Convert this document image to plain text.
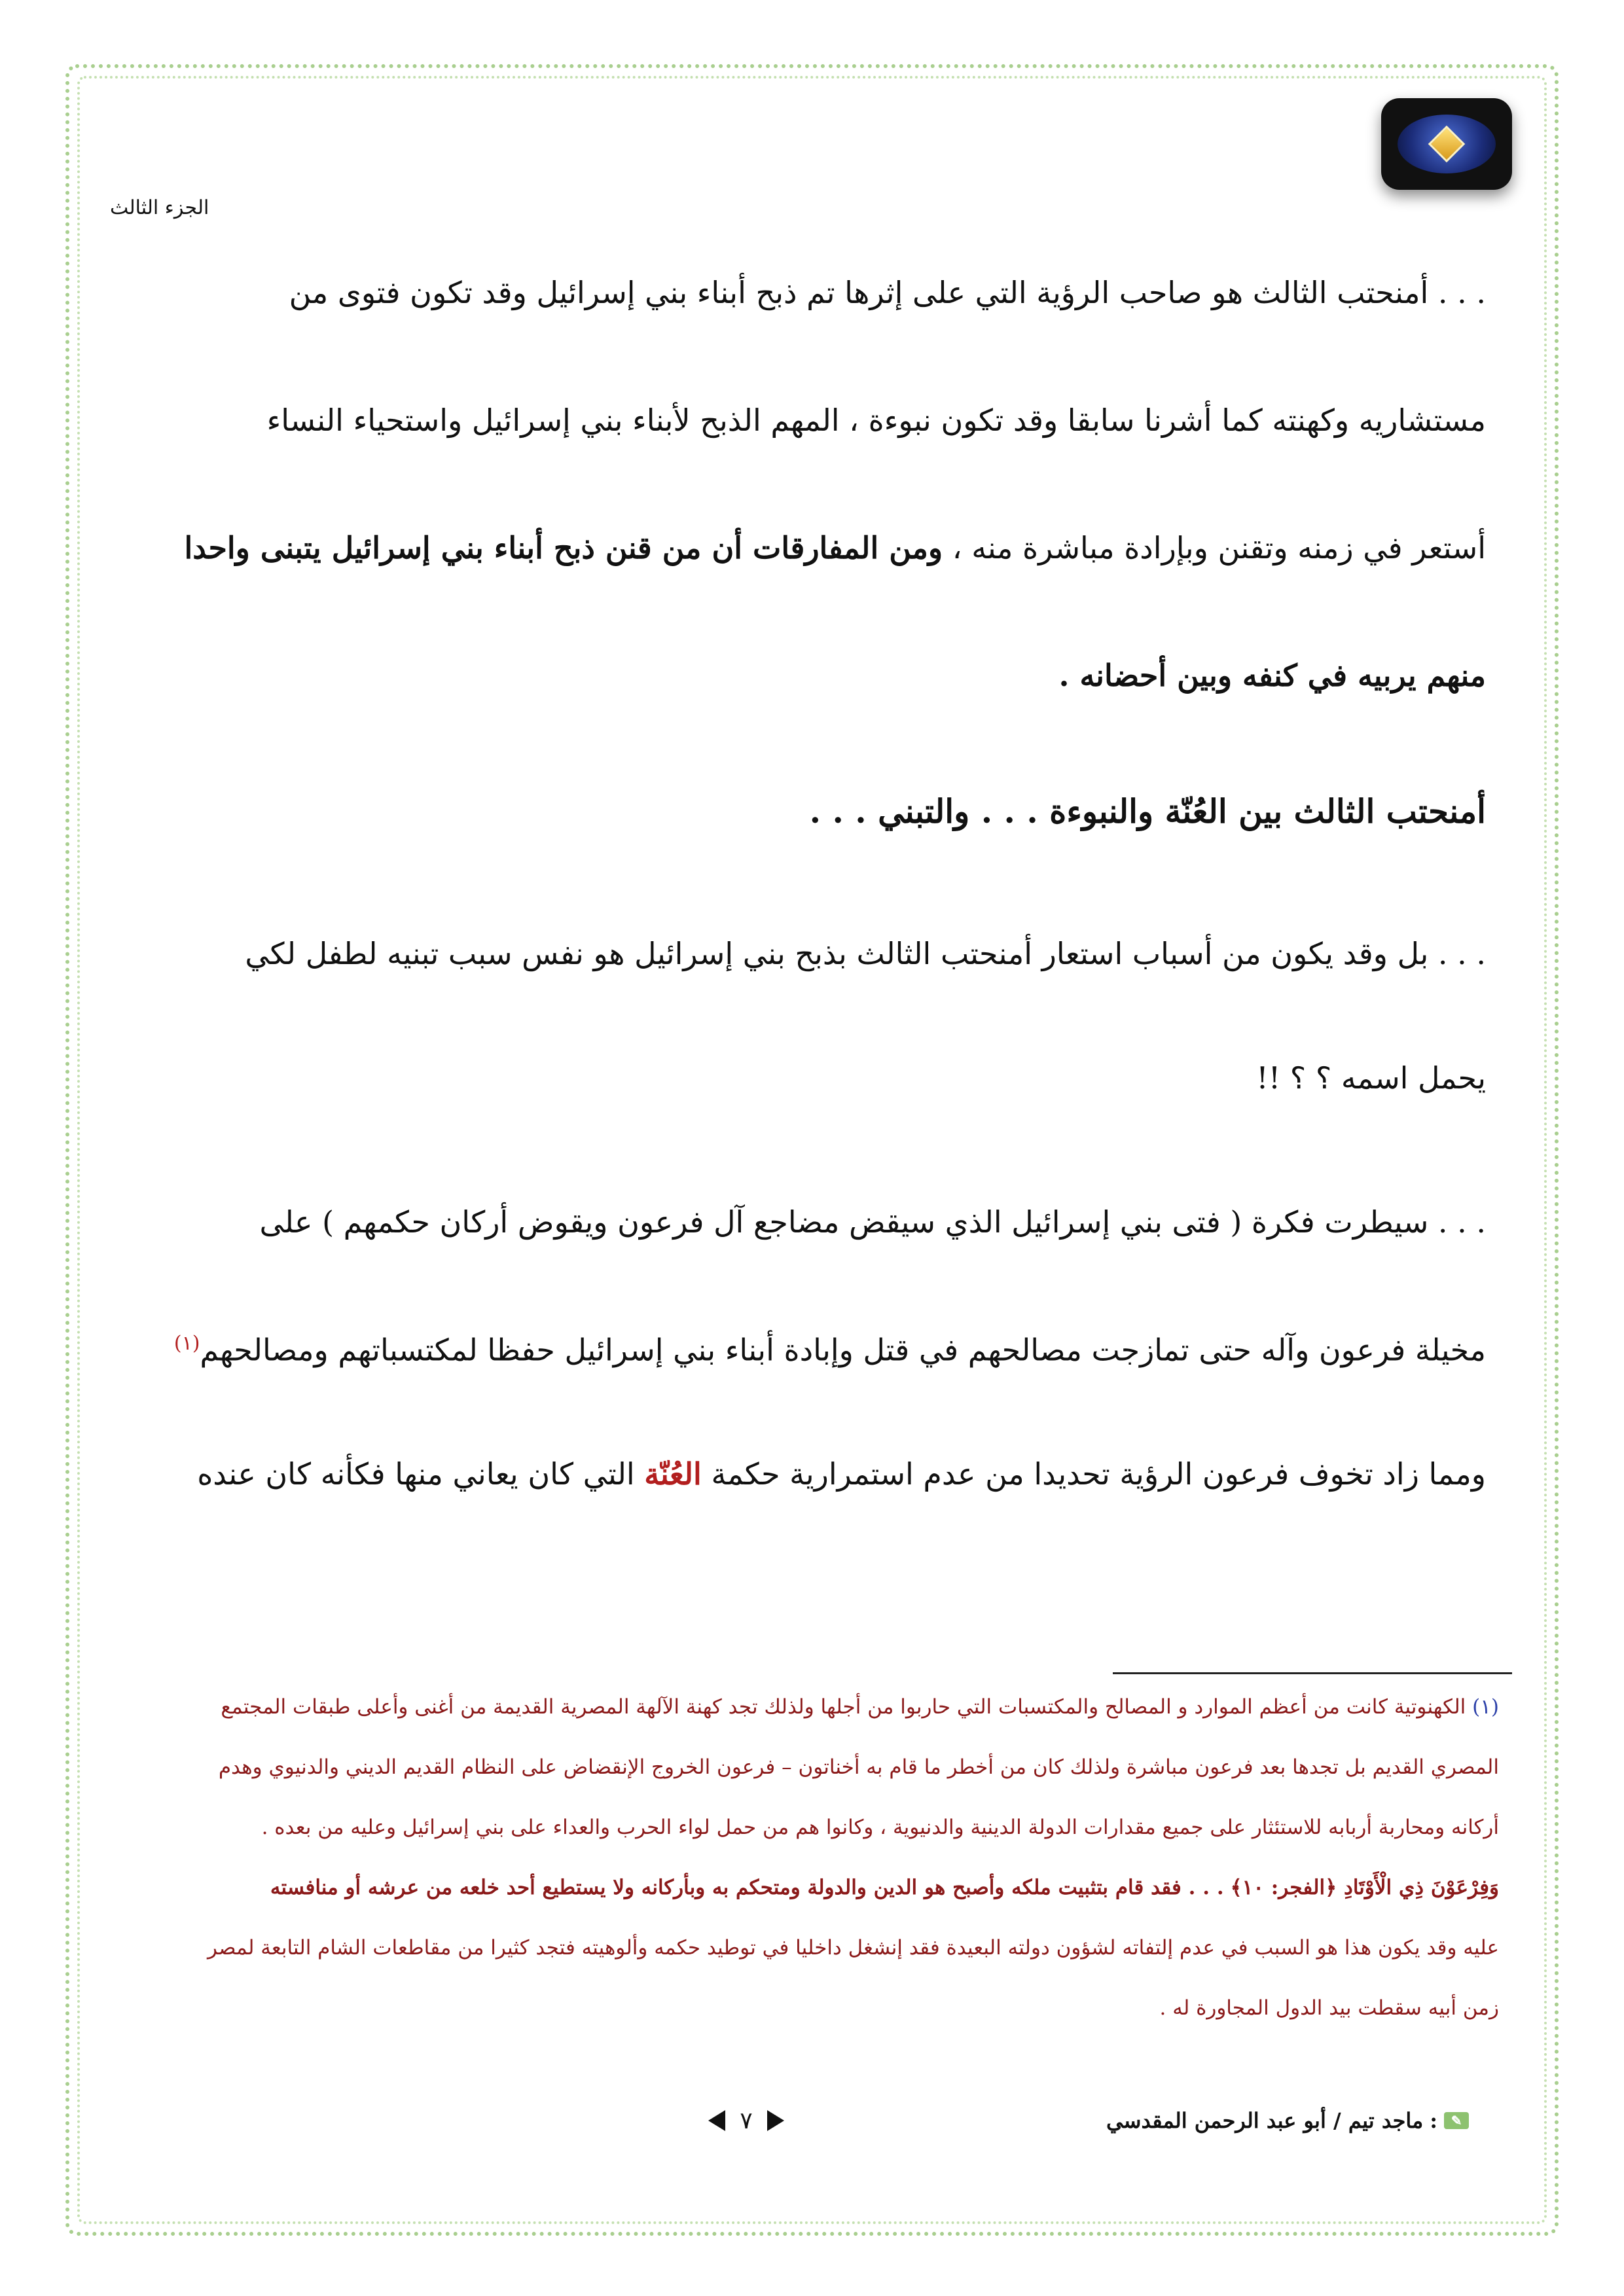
الجزء الثالث
. . . أمنحتب الثالث هو صاحب الرؤية التي على إثرها تم ذبح أبناء بني إسرائيل وقد تكون فتوى من
مستشاريه وكهنته كما أشرنا سابقا وقد تكون نبوءة ، المهم الذبح لأبناء بني إسرائيل واستحياء النساء
أستعر في زمنه وتقنن وبإرادة مباشرة منه ، ومن المفارقات أن من قنن ذبح أبناء بني إسرائيل يتبنى واحدا
منهم يربيه في كنفه وبين أحضانه .
أمنحتب الثالث بين العُنّة والنبوءة . . . والتبني . . .
. . . بل وقد يكون من أسباب استعار أمنحتب الثالث بذبح بني إسرائيل هو نفس سبب تبنيه لطفل لكي
يحمل اسمه ؟ ؟ !!
. . . سيطرت فكرة ( فتى بني إسرائيل الذي سيقض مضاجع آل فرعون ويقوض أركان حكمهم ) على
مخيلة فرعون وآله حتى تمازجت مصالحهم في قتل وإبادة أبناء بني إسرائيل حفظا لمكتسباتهم ومصالحهم$^{(١)}$
ومما زاد تخوف فرعون الرؤية تحديدا من عدم استمرارية حكمة العُنّة التي كان يعاني منها فكأنه كان عنده
(١) الكهنوتية كانت من أعظم الموارد و المصالح والمكتسبات التي حاربوا من أجلها ولذلك تجد كهنة الآلهة المصرية القديمة من أغنى وأعلى طبقات المجتمع
المصري القديم بل تجدها بعد فرعون مباشرة ولذلك كان من أخطر ما قام به أخناتون – فرعون الخروج الإنقضاض على النظام القديم الديني والدنيوي وهدم
أركانه ومحاربة أربابه للاستئثار على جميع مقدارات الدولة الدينية والدنيوية ، وكانوا هم من حمل لواء الحرب والعداء على بني إسرائيل وعليه من بعده .
وَفِرْعَوْنَ ذِي الْأَوْتَادِ ﴿الفجر: ١٠﴾ . . . فقد قام بتثبيت ملكه وأصبح هو الدين والدولة ومتحكم به وبأركانه ولا يستطيع أحد خلعه من عرشه أو منافسته
عليه وقد يكون هذا هو السبب في عدم إلتفاته لشؤون دولته البعيدة فقد إنشغل داخليا في توطيد حكمه وألوهيته فتجد كثيرا من مقاطعات الشام التابعة لمصر
زمن أبيه سقطت بيد الدول المجاورة له .
٧	✎
:
ماجد تيم / أبو عبد الرحمن المقدسي
